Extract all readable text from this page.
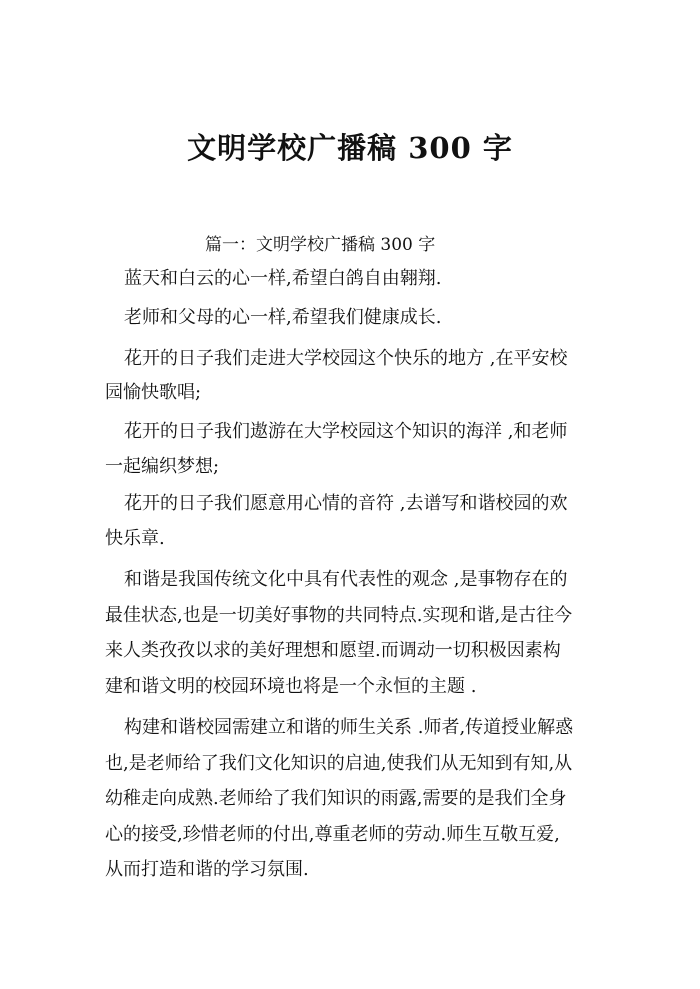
文明学校广播稿 300 字
篇一：文明学校广播稿 300 字
蓝天和白云的心一样,希望白鸽自由翱翔.
老师和父母的心一样,希望我们健康成长.
花开的日子我们走进大学校园这个快乐的地方 ,在平安校
园愉快歌唱;
花开的日子我们遨游在大学校园这个知识的海洋 ,和老师
一起编织梦想;
花开的日子我们愿意用心情的音符 ,去谱写和谐校园的欢
快乐章.
和谐是我国传统文化中具有代表性的观念 ,是事物存在的
最佳状态,也是一切美好事物的共同特点.实现和谐,是古往今
来人类孜孜以求的美好理想和愿望.而调动一切积极因素构
建和谐文明的校园环境也将是一个永恒的主题 .
构建和谐校园需建立和谐的师生关系 .师者,传道授业解惑
也,是老师给了我们文化知识的启迪,使我们从无知到有知,从
幼稚走向成熟.老师给了我们知识的雨露,需要的是我们全身
心的接受,珍惜老师的付出,尊重老师的劳动.师生互敬互爱,
从而打造和谐的学习氛围.
